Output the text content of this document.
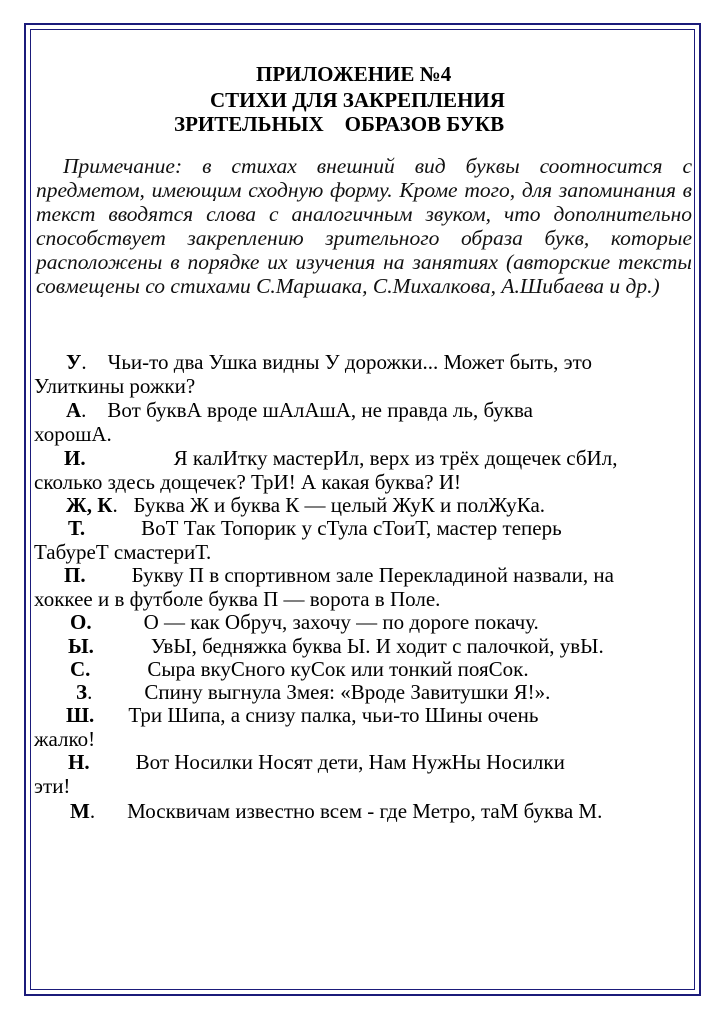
ПРИЛОЖЕНИЕ №4
СТИХИ ДЛЯ ЗАКРЕПЛЕНИЯ
ЗРИТЕЛЬНЫХ    ОБРАЗОВ БУКВ
Примечание: в стихах внешний вид буквы соотносится с предметом, имеющим сходную форму. Кроме того, для запоминания в текст вводятся слова с аналогичным звуком, что дополнительно способствует закреплению зрительного образа букв, которые расположены в порядке их изучения на занятиях (авторские тексты совмещены со стихами С.Маршака, С.Михалкова, А.Шибаева и др.)
У.    Чьи-то два Ушка видны У дорожки... Может быть, это
Улиткины рожки?
А.    Вот буквА вроде шАлАшА, не правда ль, буква
хорошА.
И.	Я калИтку мастерИл, верх из трёх дощечек сбИл,
сколько здесь дощечек? ТрИ! А какая буква? И!
Ж, К.   Буква Ж и буква К — целый ЖуК и полЖуКа.
Т.	ВоТ Так Топорик у сТула сТоиТ, мастер теперь
ТабуреТ смастериТ.
П. Букву П в спортивном зале Перекладиной назвали, на
хоккее и в футболе буква П — ворота в Поле.
О. О — как Обруч, захочу — по дороге покачу.
Ы.	УвЫ, бедняжка буква Ы. И ходит с палочкой, увЫ.
С.	Сыра вкуСного куСок или тонкий пояСок.
З. Спину выгнула Змея: «Вроде Завитушки Я!».
Ш. Три Шипа, а снизу палка, чьи-то Шины очень
жалко!
Н. Вот Носилки Носят дети, Нам НужНы Носилки
эти!
М. Москвичам известно всем - где Метро, таМ буква М.
